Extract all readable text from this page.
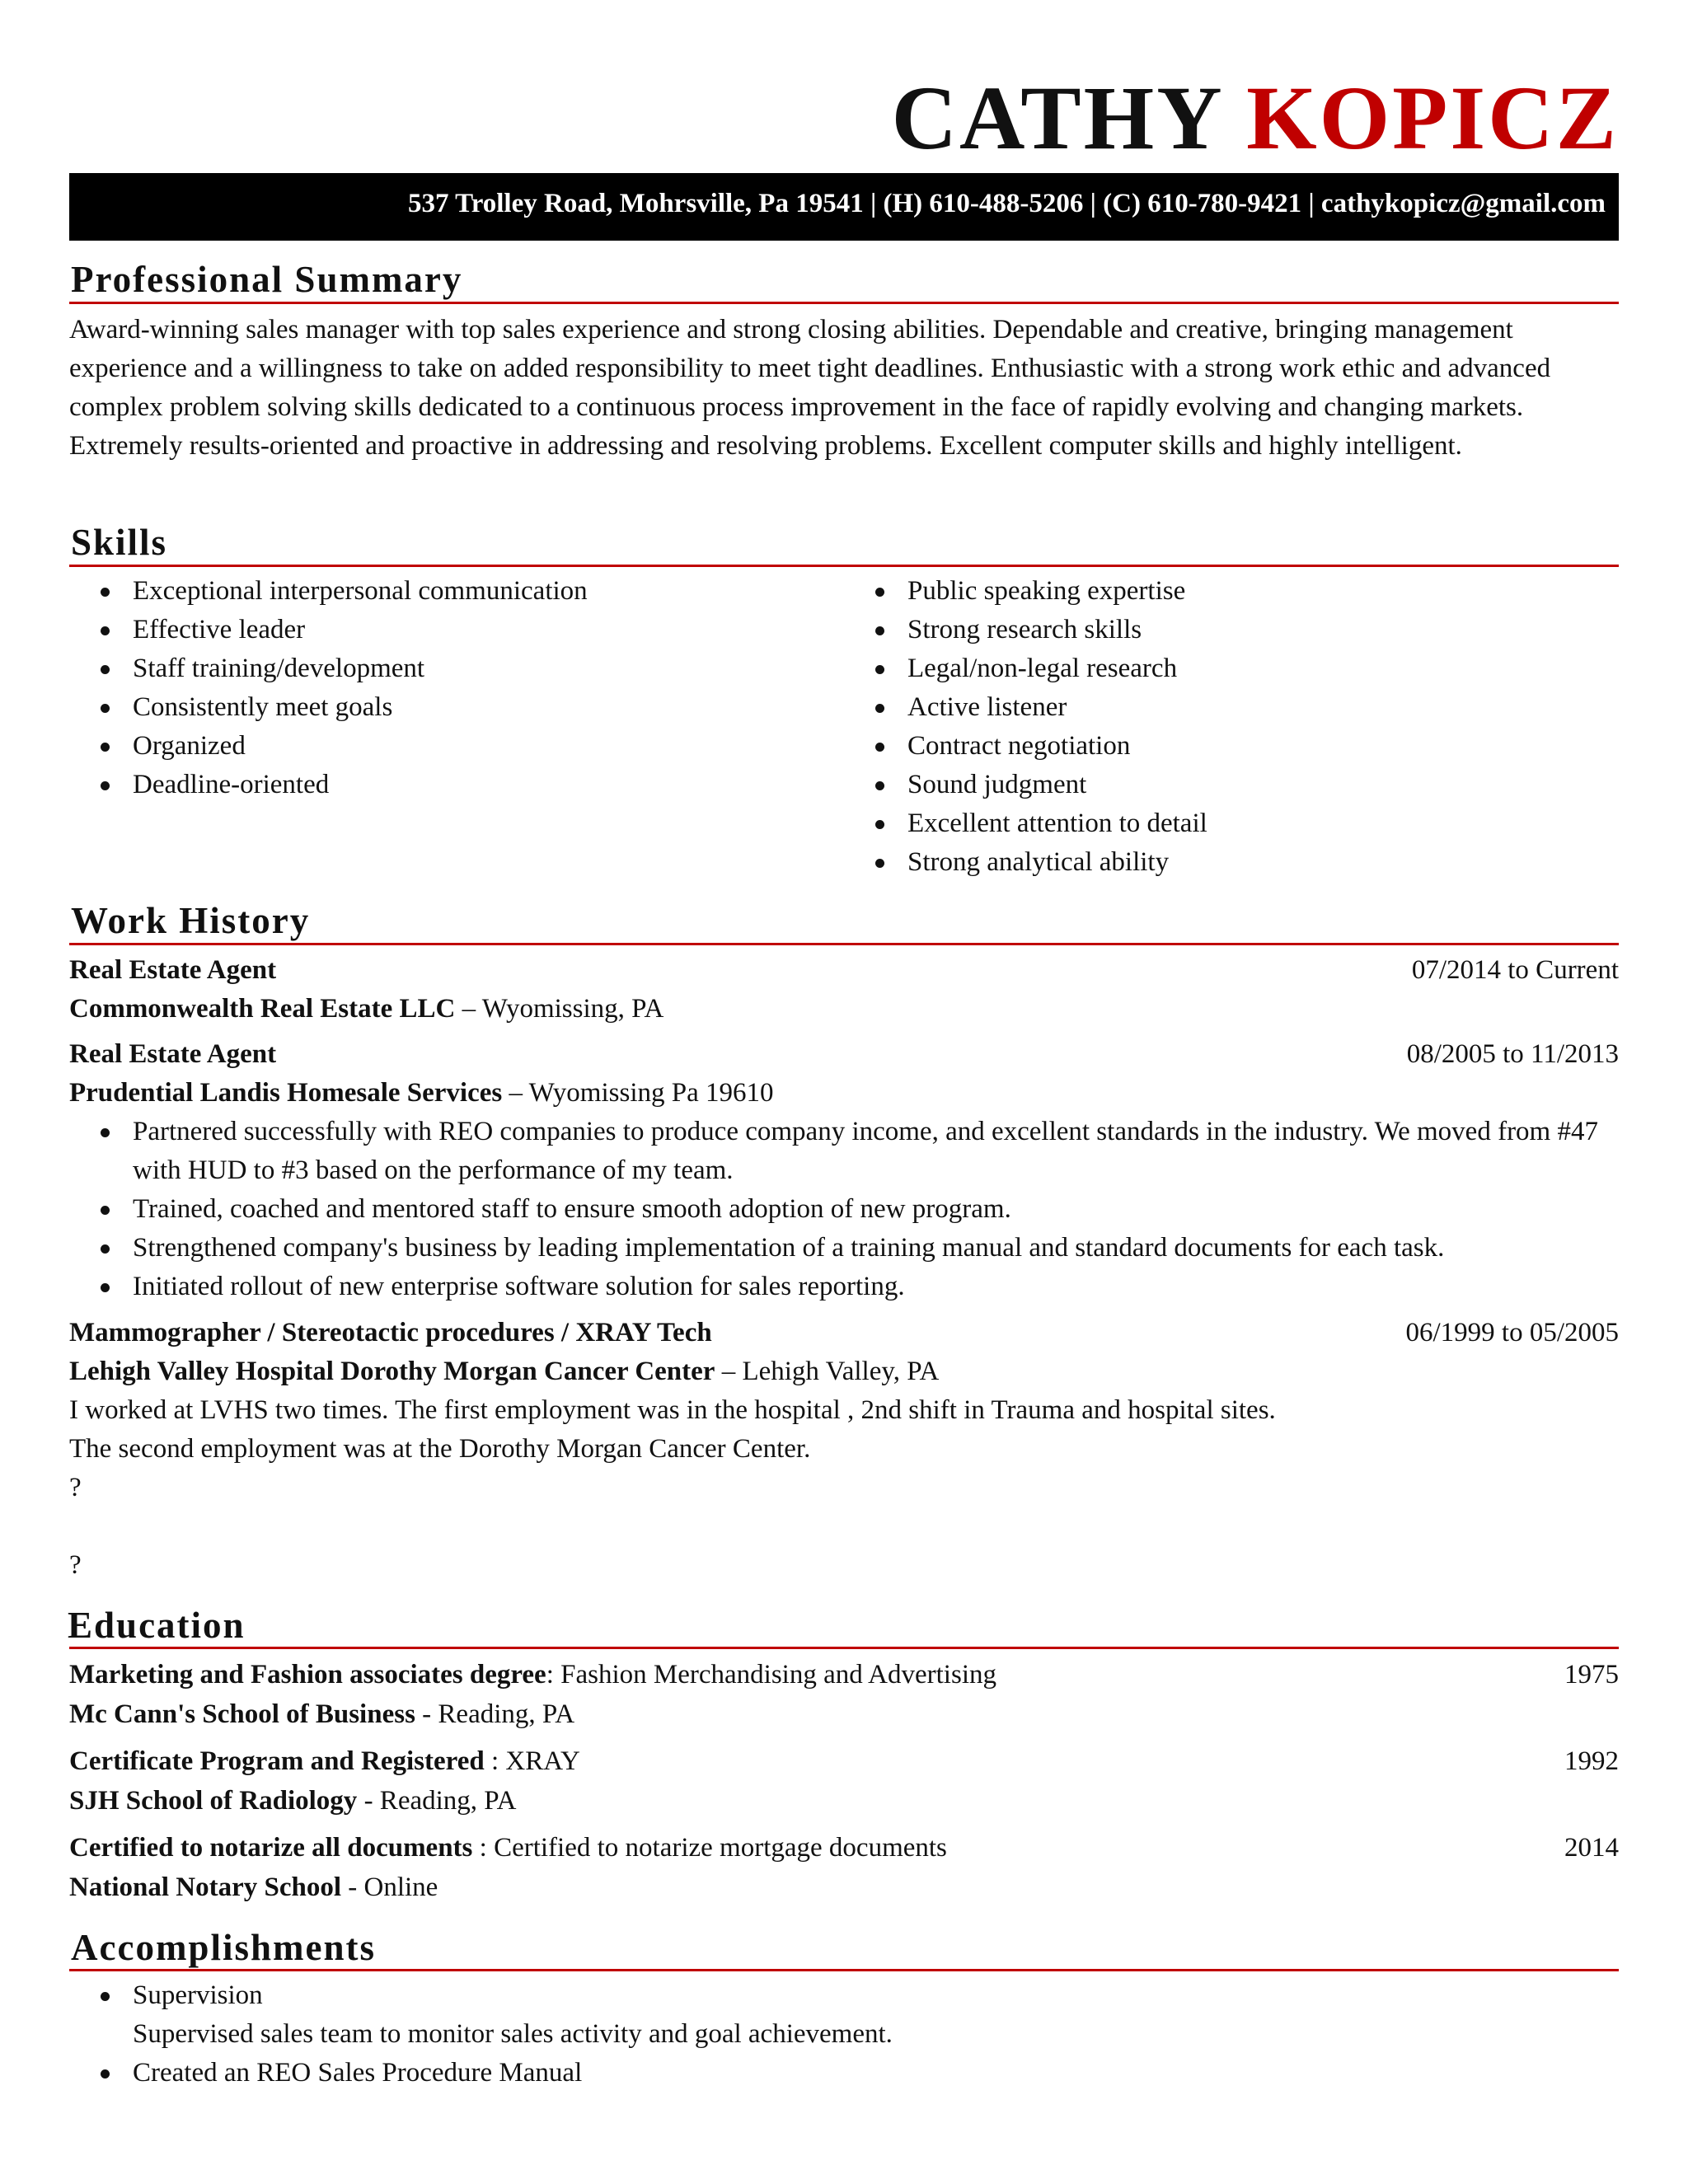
CATHY KOPICZ
537 Trolley Road, Mohrsville, Pa 19541 | (H) 610-488-5206 | (C) 610-780-9421 | cathykopicz@gmail.com
Professional Summary
Award-winning sales manager with top sales experience and strong closing abilities. Dependable and creative, bringing management experience and a willingness to take on added responsibility to meet tight deadlines. Enthusiastic with a strong work ethic and advanced complex problem solving skills dedicated to a continuous process improvement in the face of rapidly evolving and changing markets. Extremely results-oriented and proactive in addressing and resolving problems. Excellent computer skills and highly intelligent.
Skills
Exceptional interpersonal communication
Effective leader
Staff training/development
Consistently meet goals
Organized
Deadline-oriented
Public speaking expertise
Strong research skills
Legal/non-legal research
Active listener
Contract negotiation
Sound judgment
Excellent attention to detail
Strong analytical ability
Work History
Real Estate Agent	07/2014 to Current
Commonwealth Real Estate LLC – Wyomissing, PA
Real Estate Agent	08/2005 to 11/2013
Prudential Landis Homesale Services – Wyomissing Pa 19610
Partnered successfully with REO companies to produce company income, and excellent standards in the industry. We moved from #47 with HUD to #3 based on the performance of my team.
Trained, coached and mentored staff to ensure smooth adoption of new program.
Strengthened company's business by leading implementation of a training manual and standard documents for each task.
Initiated rollout of new enterprise software solution for sales reporting.
Mammographer / Stereotactic procedures / XRAY Tech	06/1999 to 05/2005
Lehigh Valley Hospital Dorothy Morgan Cancer Center – Lehigh Valley, PA
I worked at LVHS two times. The first employment was in the hospital , 2nd shift in Trauma and hospital sites.
The second employment was at the Dorothy Morgan Cancer Center.
?
?
Education
Marketing and Fashion associates degree: Fashion Merchandising and Advertising	1975
Mc Cann's School of Business - Reading, PA
Certificate Program and Registered : XRAY	1992
SJH School of Radiology - Reading, PA
Certified to notarize all documents : Certified to notarize mortgage documents	2014
National Notary School - Online
Accomplishments
Supervision
Supervised sales team to monitor sales activity and goal achievement.
Created an REO Sales Procedure Manual
